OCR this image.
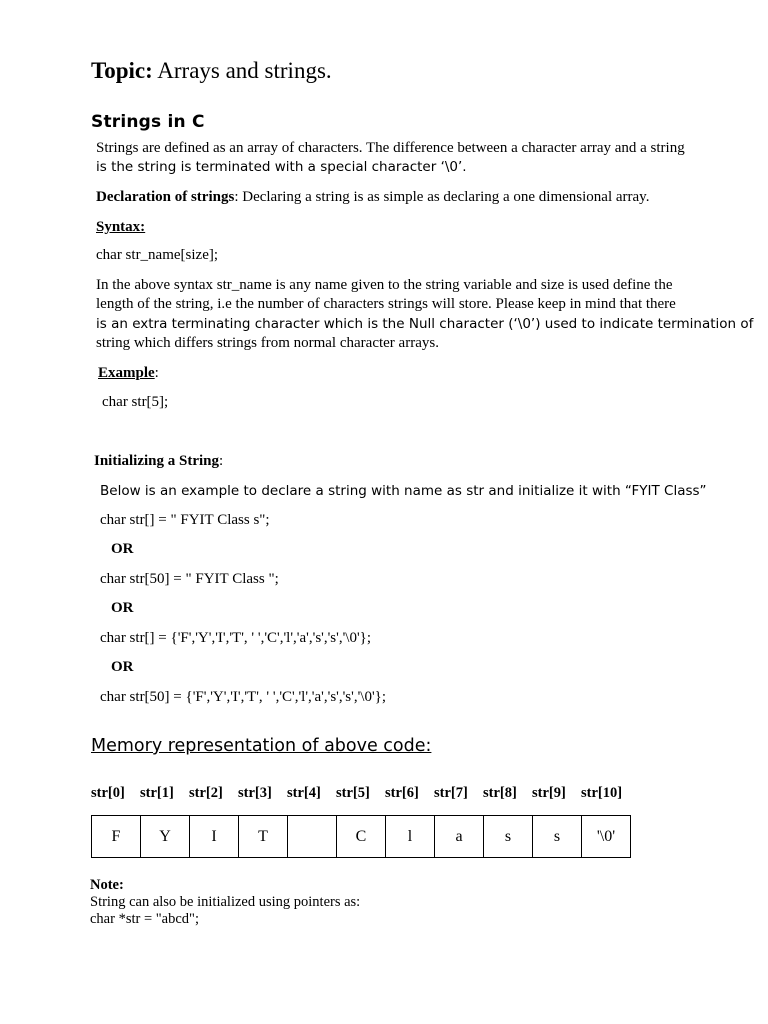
Topic: Arrays and strings.
Strings in C
Strings are defined as an array of characters. The difference between a character array and a string
is the string is terminated with a special character ‘\0’.
Declaration of strings: Declaring a string is as simple as declaring a one dimensional array.
Syntax:
char str_name[size];
In the above syntax str_name is any name given to the string variable and size is used define the
length of the string, i.e the number of characters strings will store. Please keep in mind that there
is an extra terminating character which is the Null character (‘\0’) used to indicate termination of
string which differs strings from normal character arrays.
Example:
char str[5];
Initializing a String:
Below is an example to declare a string with name as str and initialize it with “FYIT Class”
char str[] = " FYIT Class s";
OR
char str[50] = " FYIT Class ";
OR
char str[] = {'F','Y','I','T', ' ','C','l','a','s','s','\0'};
OR
char str[50] = {'F','Y','I','T', ' ','C','l','a','s','s','\0'};
Memory representation of above code:
str[0]	str[1]	str[2]	str[3]	str[4]	str[5]	str[6]	str[7]	str[8]	str[9]	str[10]
F	Y	I	T		C	l	a	s	s	'\0'
Note:
String can also be initialized using pointers as:
char *str = "abcd";
